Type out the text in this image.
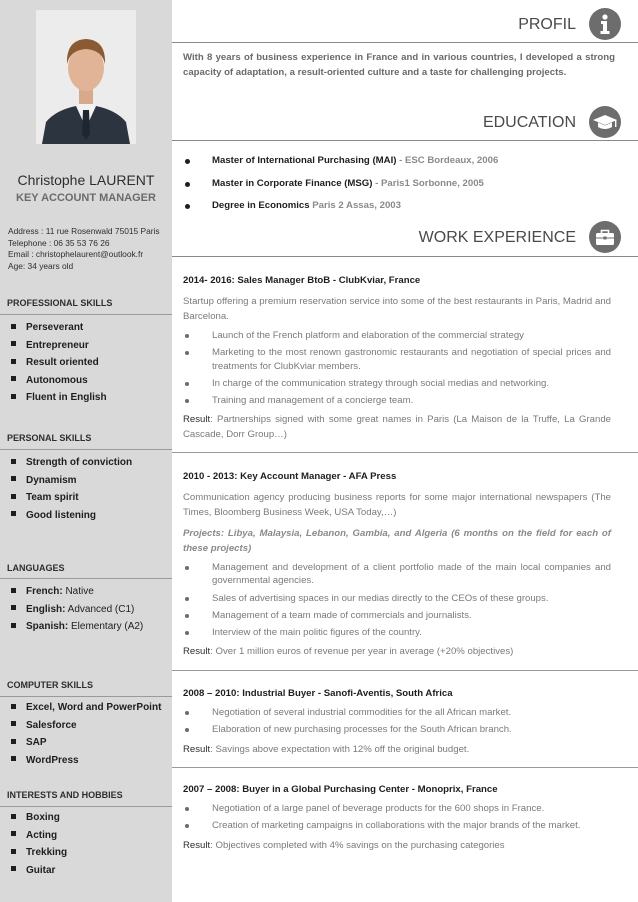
Christophe LAURENT
KEY ACCOUNT MANAGER
Address : 11 rue Rosenwald 75015 Paris
Telephone : 06 35 53 76 26
Email : christophelaurent@outlook.fr
Age: 34 years old
PROFESSIONAL SKILLS
Perseverant
Entrepreneur
Result oriented
Autonomous
Fluent in English
PERSONAL SKILLS
Strength of conviction
Dynamism
Team spirit
Good listening
LANGUAGES
French: Native
English: Advanced (C1)
Spanish: Elementary (A2)
COMPUTER SKILLS
Excel, Word and PowerPoint
Salesforce
SAP
WordPress
INTERESTS AND HOBBIES
Boxing
Acting
Trekking
Guitar
PROFIL
With 8 years of business experience in France and in various countries, I developed a strong capacity of adaptation, a result-oriented culture and a taste for challenging projects.
EDUCATION
Master of International Purchasing (MAI) - ESC Bordeaux, 2006
Master in Corporate Finance (MSG) - Paris1 Sorbonne, 2005
Degree in Economics Paris 2 Assas, 2003
WORK EXPERIENCE
2014- 2016: Sales Manager BtoB - ClubKviar, France
Startup offering a premium reservation service into some of the best restaurants in Paris, Madrid and Barcelona.
Launch of the French platform and elaboration of the commercial strategy
Marketing to the most renown gastronomic restaurants and negotiation of special prices and treatments for ClubKviar members.
In charge of the communication strategy through social medias and networking.
Training and management of a concierge team.
Result: Partnerships signed with some great names in Paris (La Maison de la Truffe, La Grande Cascade, Dorr Group…)
2010 - 2013: Key Account Manager - AFA Press
Communication agency producing business reports for some major international newspapers (The Times, Bloomberg Business Week, USA Today,…)
Projects: Libya, Malaysia, Lebanon, Gambia, and Algeria (6 months on the field for each of these projects)
Management and development of a client portfolio made of the main local companies and governmental agencies.
Sales of advertising spaces in our medias directly to the CEOs of these groups.
Management of a team made of commercials and journalists.
Interview of the main politic figures of the country.
Result: Over 1 million euros of revenue per year in average (+20% objectives)
2008 – 2010: Industrial Buyer - Sanofi-Aventis, South Africa
Negotiation of several industrial commodities for the all African market.
Elaboration of new purchasing processes for the South African branch.
Result: Savings above expectation with 12% off the original budget.
2007 – 2008: Buyer in a Global Purchasing Center - Monoprix, France
Negotiation of a large panel of beverage products for the 600 shops in France.
Creation of marketing campaigns in collaborations with the major brands of the market.
Result: Objectives completed with 4% savings on the purchasing categories
